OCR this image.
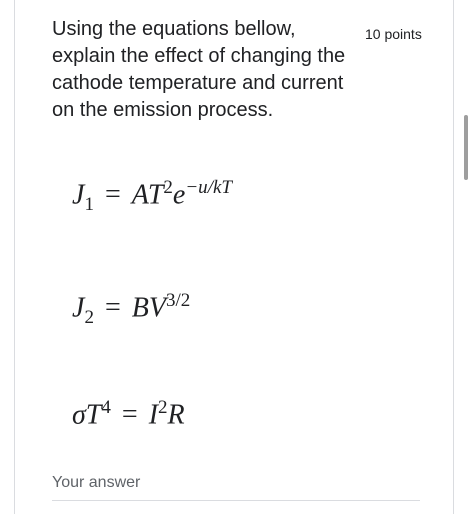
Using the equations bellow, explain the effect of changing the cathode temperature and current on the emission process.
10 points
$J_1 = AT^2e^{-u/kT}$
$J_2 = BV^{3/2}$
$\sigma T^4 = I^2R$
Your answer
